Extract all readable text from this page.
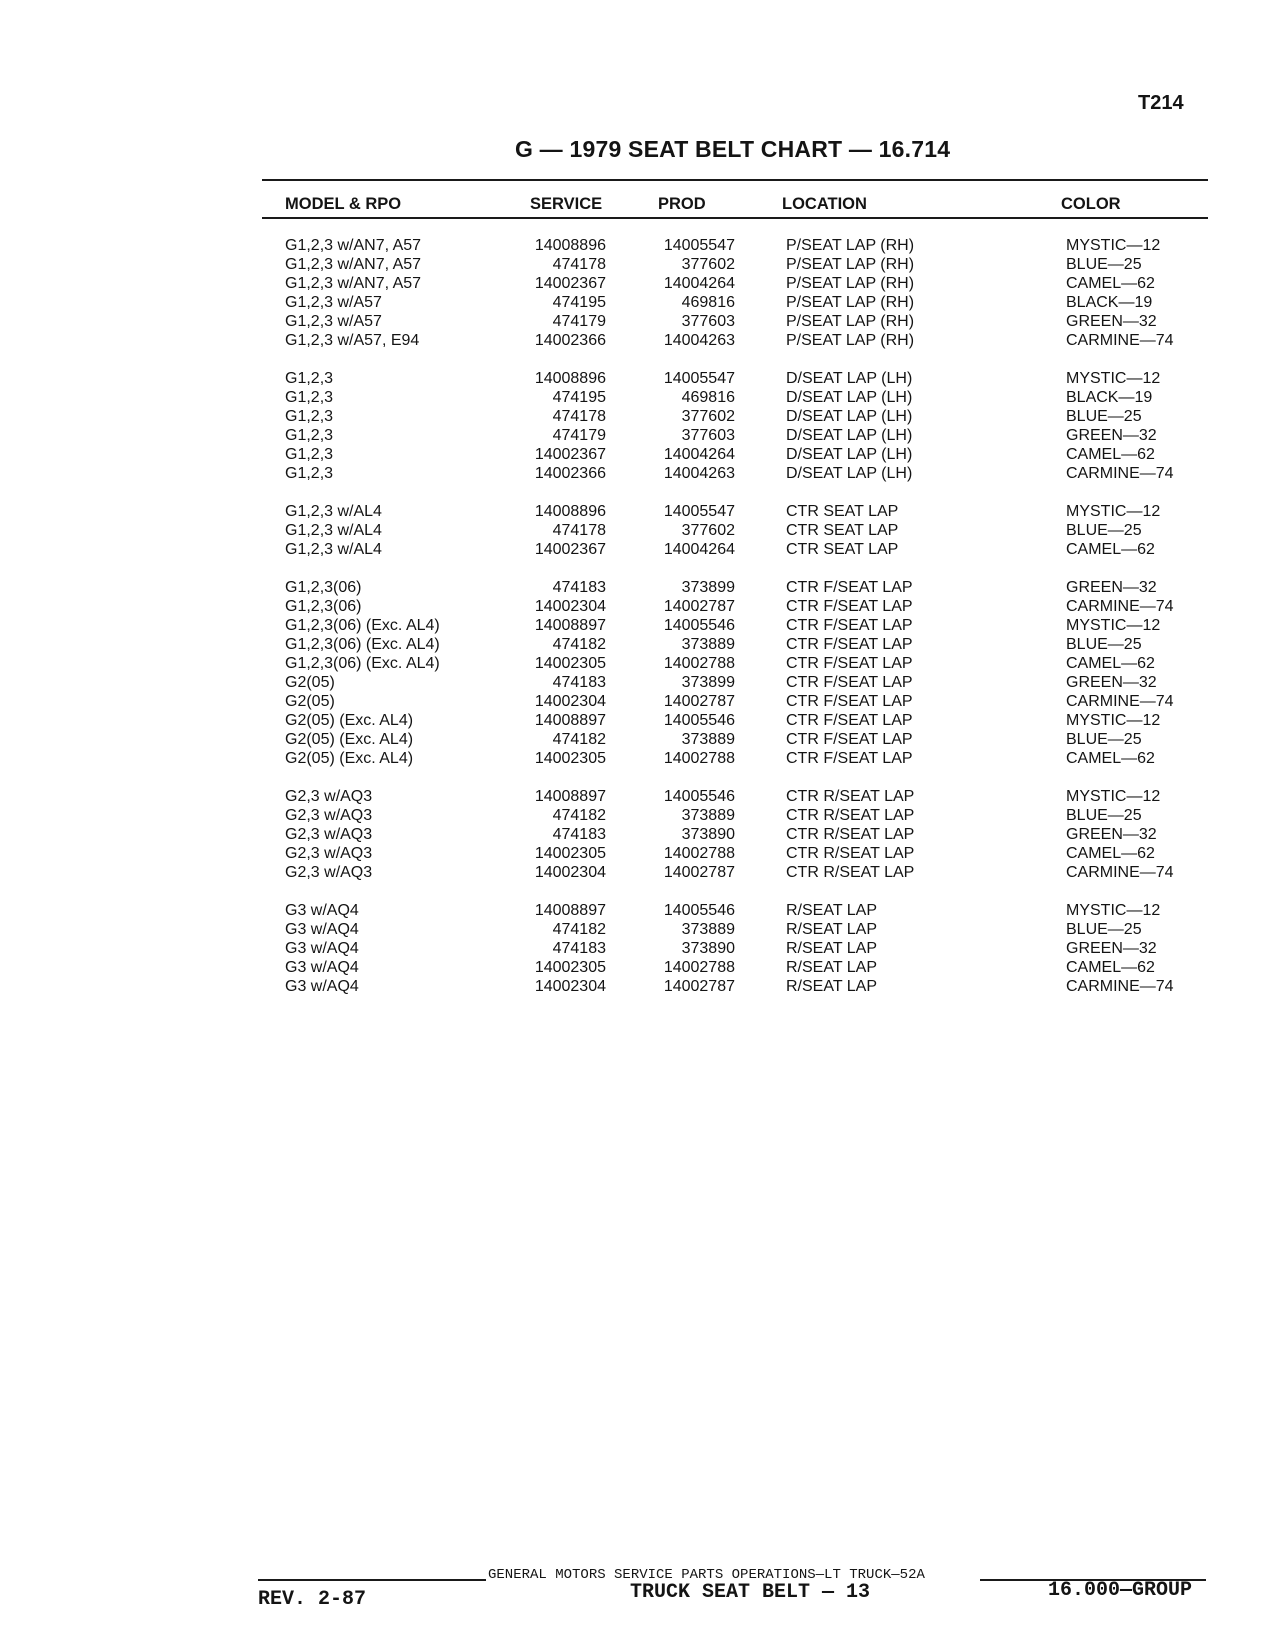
T214
G — 1979 SEAT BELT CHART — 16.714
MODEL & RPO	SERVICE	PROD	LOCATION	COLOR
G1,2,3 w/AN7, A57	14008896	14005547	P/SEAT LAP (RH)	MYSTIC—12
G1,2,3 w/AN7, A57	474178	377602	P/SEAT LAP (RH)	BLUE—25
G1,2,3 w/AN7, A57	14002367	14004264	P/SEAT LAP (RH)	CAMEL—62
G1,2,3 w/A57	474195	469816	P/SEAT LAP (RH)	BLACK—19
G1,2,3 w/A57	474179	377603	P/SEAT LAP (RH)	GREEN—32
G1,2,3 w/A57, E94	14002366	14004263	P/SEAT LAP (RH)	CARMINE—74
G1,2,3	14008896	14005547	D/SEAT LAP (LH)	MYSTIC—12
G1,2,3	474195	469816	D/SEAT LAP (LH)	BLACK—19
G1,2,3	474178	377602	D/SEAT LAP (LH)	BLUE—25
G1,2,3	474179	377603	D/SEAT LAP (LH)	GREEN—32
G1,2,3	14002367	14004264	D/SEAT LAP (LH)	CAMEL—62
G1,2,3	14002366	14004263	D/SEAT LAP (LH)	CARMINE—74
G1,2,3 w/AL4	14008896	14005547	CTR SEAT LAP	MYSTIC—12
G1,2,3 w/AL4	474178	377602	CTR SEAT LAP	BLUE—25
G1,2,3 w/AL4	14002367	14004264	CTR SEAT LAP	CAMEL—62
G1,2,3(06)	474183	373899	CTR F/SEAT LAP	GREEN—32
G1,2,3(06)	14002304	14002787	CTR F/SEAT LAP	CARMINE—74
G1,2,3(06) (Exc. AL4)	14008897	14005546	CTR F/SEAT LAP	MYSTIC—12
G1,2,3(06) (Exc. AL4)	474182	373889	CTR F/SEAT LAP	BLUE—25
G1,2,3(06) (Exc. AL4)	14002305	14002788	CTR F/SEAT LAP	CAMEL—62
G2(05)	474183	373899	CTR F/SEAT LAP	GREEN—32
G2(05)	14002304	14002787	CTR F/SEAT LAP	CARMINE—74
G2(05) (Exc. AL4)	14008897	14005546	CTR F/SEAT LAP	MYSTIC—12
G2(05) (Exc. AL4)	474182	373889	CTR F/SEAT LAP	BLUE—25
G2(05) (Exc. AL4)	14002305	14002788	CTR F/SEAT LAP	CAMEL—62
G2,3 w/AQ3	14008897	14005546	CTR R/SEAT LAP	MYSTIC—12
G2,3 w/AQ3	474182	373889	CTR R/SEAT LAP	BLUE—25
G2,3 w/AQ3	474183	373890	CTR R/SEAT LAP	GREEN—32
G2,3 w/AQ3	14002305	14002788	CTR R/SEAT LAP	CAMEL—62
G2,3 w/AQ3	14002304	14002787	CTR R/SEAT LAP	CARMINE—74
G3 w/AQ4	14008897	14005546	R/SEAT LAP	MYSTIC—12
G3 w/AQ4	474182	373889	R/SEAT LAP	BLUE—25
G3 w/AQ4	474183	373890	R/SEAT LAP	GREEN—32
G3 w/AQ4	14002305	14002788	R/SEAT LAP	CAMEL—62
G3 w/AQ4	14002304	14002787	R/SEAT LAP	CARMINE—74
GENERAL MOTORS SERVICE PARTS OPERATIONS—LT TRUCK—52A
REV. 2-87	TRUCK SEAT BELT — 13	16.000—GROUP
